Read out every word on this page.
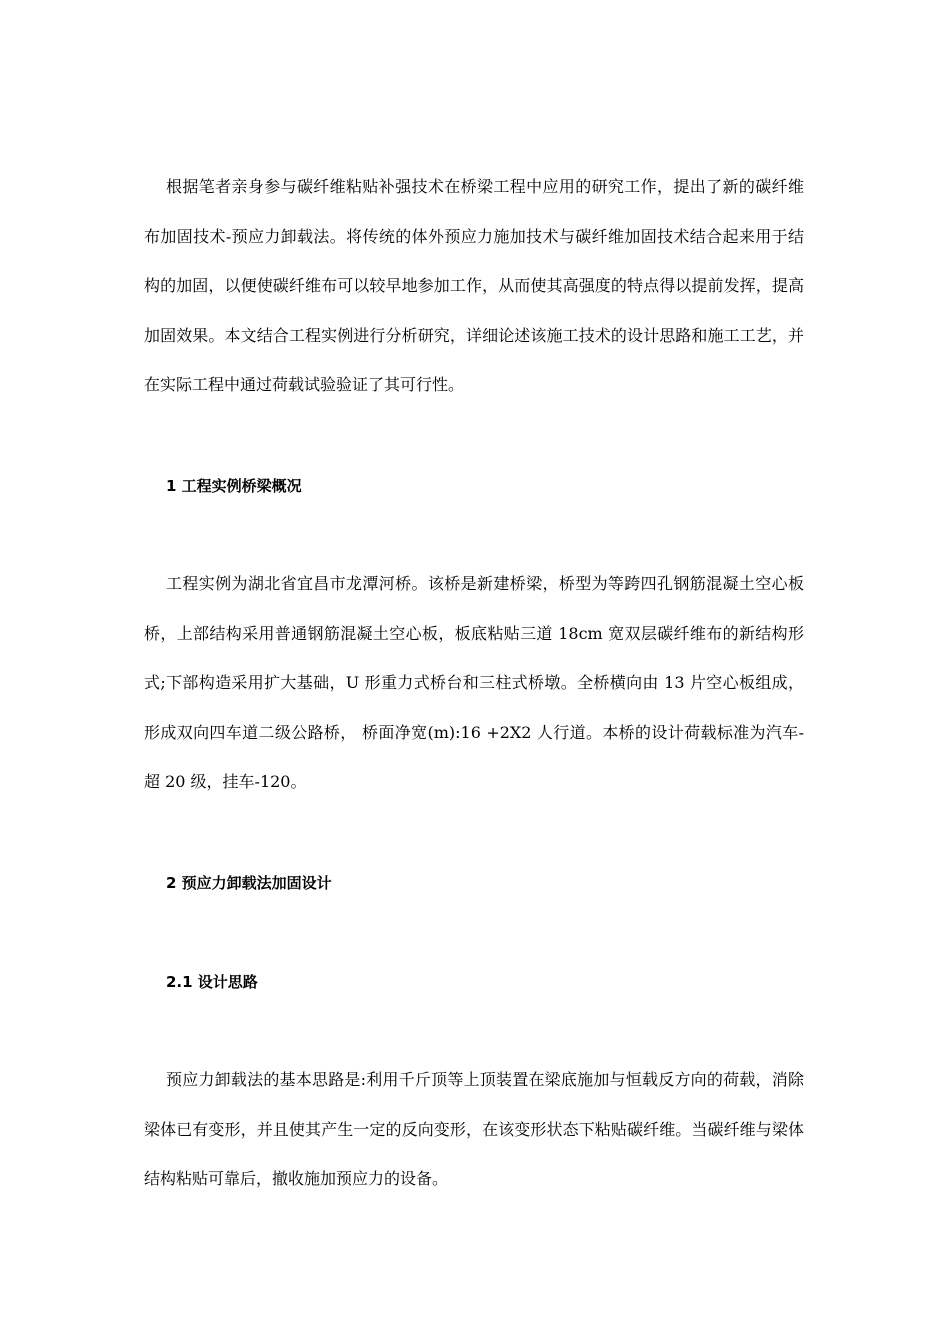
根据笔者亲身参与碳纤维粘贴补强技术在桥梁工程中应用的研究工作，提出了新的碳纤维布加固技术-预应力卸载法。将传统的体外预应力施加技术与碳纤维加固技术结合起来用于结构的加固，以便使碳纤维布可以较早地参加工作，从而使其高强度的特点得以提前发挥，提高加固效果。本文结合工程实例进行分析研究，详细论述该施工技术的设计思路和施工工艺，并在实际工程中通过荷载试验验证了其可行性。

1 工程实例桥梁概况

工程实例为湖北省宜昌市龙潭河桥。该桥是新建桥梁，桥型为等跨四孔钢筋混凝土空心板桥，上部结构采用普通钢筋混凝土空心板，板底粘贴三道 18cm 宽双层碳纤维布的新结构形式;下部构造采用扩大基础，U 形重力式桥台和三柱式桥墩。全桥横向由 13 片空心板组成，形成双向四车道二级公路桥， 桥面净宽(m):16 +2X2 人行道。本桥的设计荷载标准为汽车-超 20 级，挂车-120。

2 预应力卸载法加固设计
2.1 设计思路

预应力卸载法的基本思路是:利用千斤顶等上顶装置在梁底施加与恒载反方向的荷载，消除梁体已有变形，并且使其产生一定的反向变形，在该变形状态下粘贴碳纤维。当碳纤维与梁体结构粘贴可靠后，撤收施加预应力的设备。
